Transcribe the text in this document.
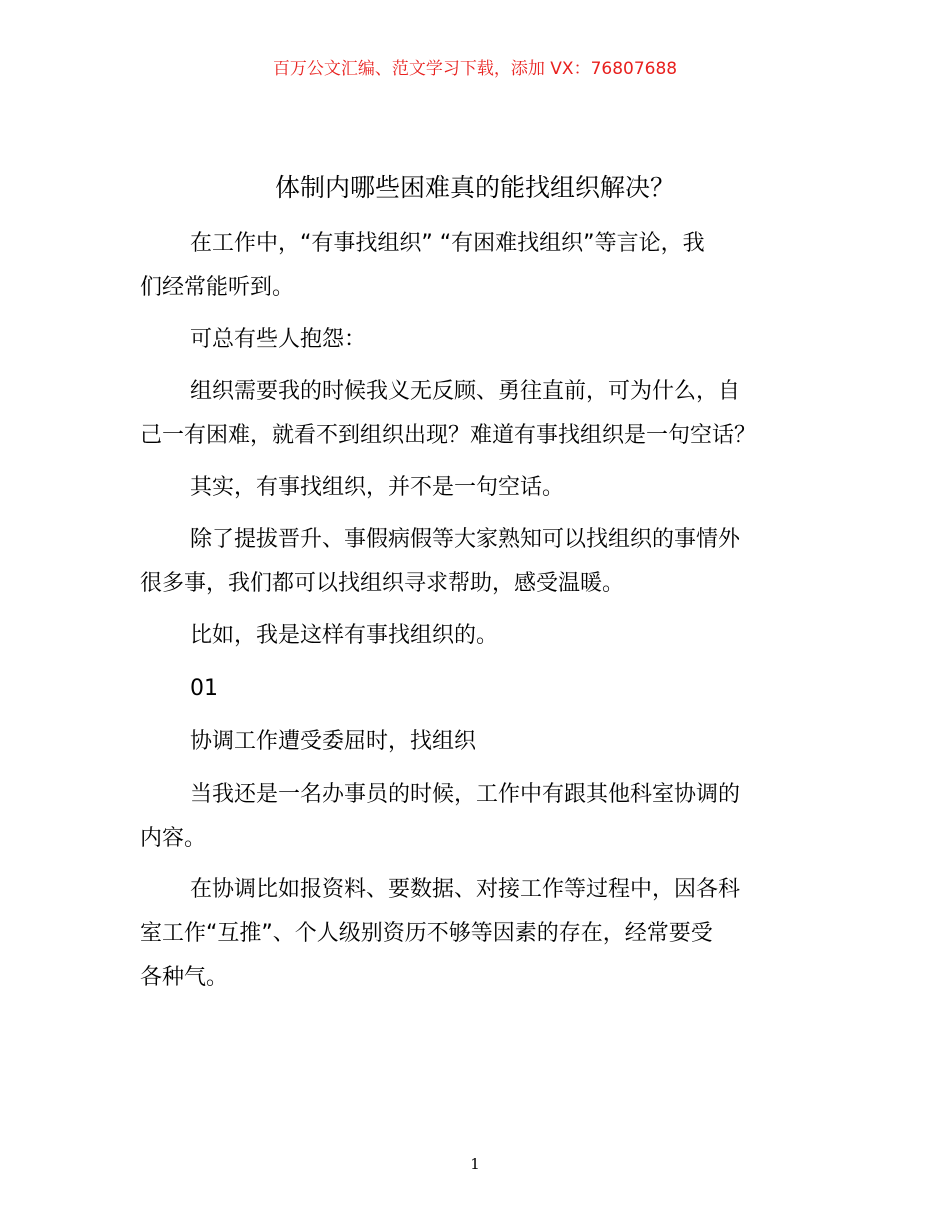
百万公文汇编、范文学习下载，添加 VX：76807688
体制内哪些困难真的能找组织解决？

在工作中，“有事找组织” “有困难找组织”等言论，我
们经常能听到。

可总有些人抱怨：

组织需要我的时候我义无反顾、勇往直前，可为什么，自
己一有困难，就看不到组织出现？难道有事找组织是一句空话？

其实，有事找组织，并不是一句空话。

除了提拔晋升、事假病假等大家熟知可以找组织的事情外
很多事，我们都可以找组织寻求帮助，感受温暖。

比如，我是这样有事找组织的。

01

协调工作遭受委屈时，找组织

当我还是一名办事员的时候，工作中有跟其他科室协调的
内容。

在协调比如报资料、要数据、对接工作等过程中，因各科
室工作“互推”、个人级别资历不够等因素的存在，经常要受
各种气。

1
